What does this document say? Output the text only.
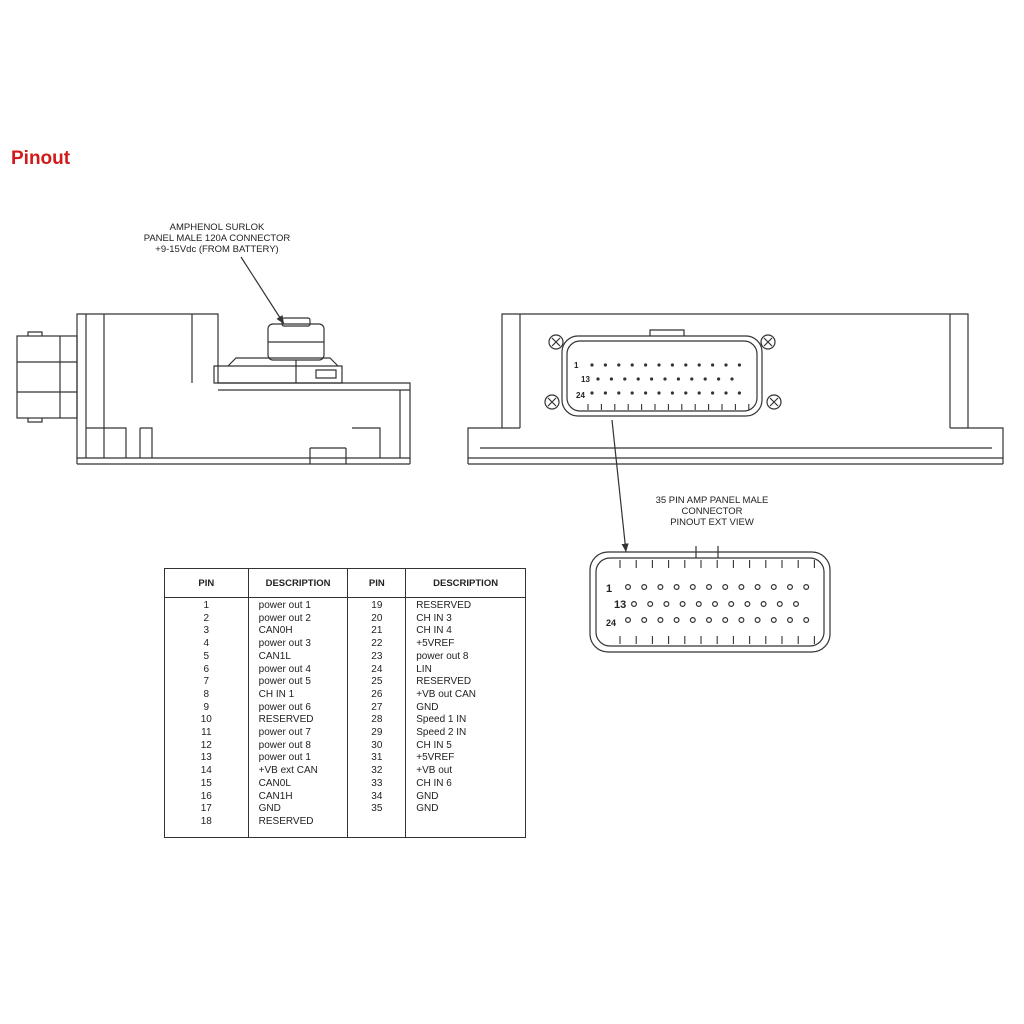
Pinout
AMPHENOL SURLOK
PANEL MALE 120A CONNECTOR
+9-15Vdc (FROM BATTERY)
35 PIN AMP PANEL MALE
CONNECTOR
PINOUT EXT VIEW
1
13
24
1
13
24
PIN	DESCRIPTION	PIN	DESCRIPTION
1	power out 1	19	RESERVED
2	power out 2	20	CH IN 3
3	CAN0H	21	CH IN 4
4	power out 3	22	+5VREF
5	CAN1L	23	power out 8
6	power out 4	24	LIN
7	power out 5	25	RESERVED
8	CH IN 1	26	+VB out CAN
9	power out 6	27	GND
10	RESERVED	28	Speed 1 IN
11	power out 7	29	Speed 2 IN
12	power out 8	30	CH IN 5
13	power out 1	31	+5VREF
14	+VB ext CAN	32	+VB out
15	CAN0L	33	CH IN 6
16	CAN1H	34	GND
17	GND	35	GND
18	RESERVED		
